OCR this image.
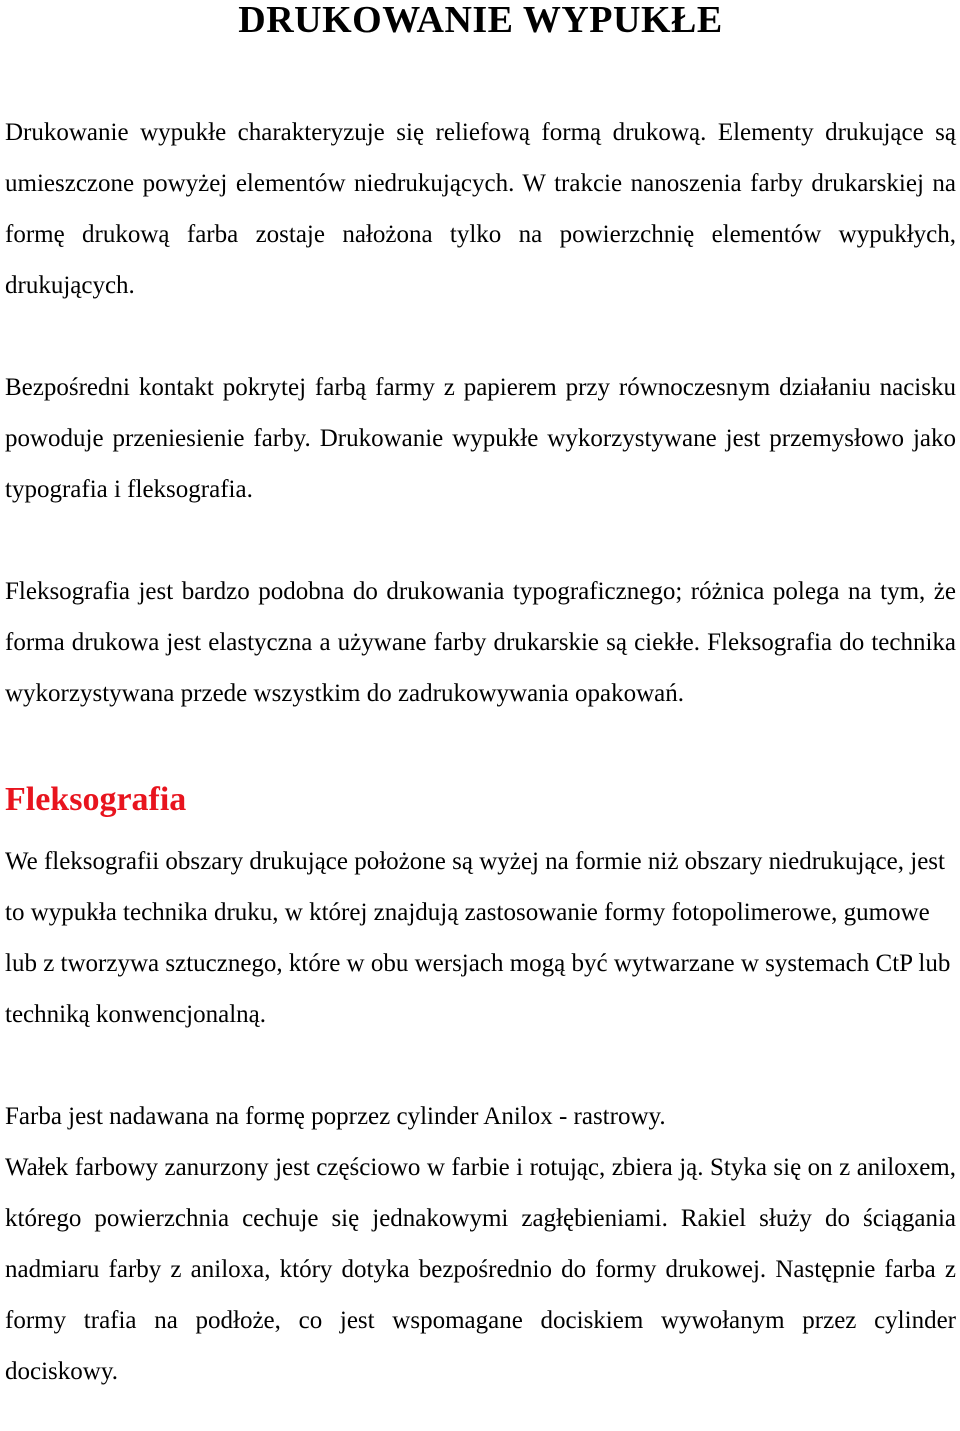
DRUKOWANIE WYPUKŁE

Drukowanie wypukłe charakteryzuje się reliefową formą drukową. Elementy drukujące są umieszczone powyżej elementów niedrukujących. W trakcie nanoszenia farby drukarskiej na formę drukową farba zostaje nałożona tylko na powierzchnię elementów wypukłych, drukujących.

Bezpośredni kontakt pokrytej farbą farmy z papierem przy równoczesnym działaniu nacisku powoduje przeniesienie farby. Drukowanie wypukłe wykorzystywane jest przemysłowo jako typografia i fleksografia.

Fleksografia jest bardzo podobna do drukowania typograficznego; różnica polega na tym, że forma drukowa jest elastyczna a używane farby drukarskie są ciekłe. Fleksografia do technika wykorzystywana przede wszystkim do zadrukowywania opakowań.

Fleksografia

We fleksografii obszary drukujące położone są wyżej na formie niż obszary niedrukujące, jest to wypukła technika druku, w której znajdują zastosowanie formy fotopolimerowe, gumowe lub z tworzywa sztucznego, które w obu wersjach mogą być wytwarzane w systemach CtP lub techniką konwencjonalną.

Farba jest nadawana na formę poprzez cylinder Anilox - rastrowy.

Wałek farbowy zanurzony jest częściowo w farbie i rotując, zbiera ją. Styka się on z aniloxem, którego powierzchnia cechuje się jednakowymi zagłębieniami. Rakiel służy do ściągania nadmiaru farby z aniloxa, który dotyka bezpośrednio do formy drukowej. Następnie farba z formy trafia na podłoże, co jest wspomagane dociskiem wywołanym przez cylinder dociskowy.
